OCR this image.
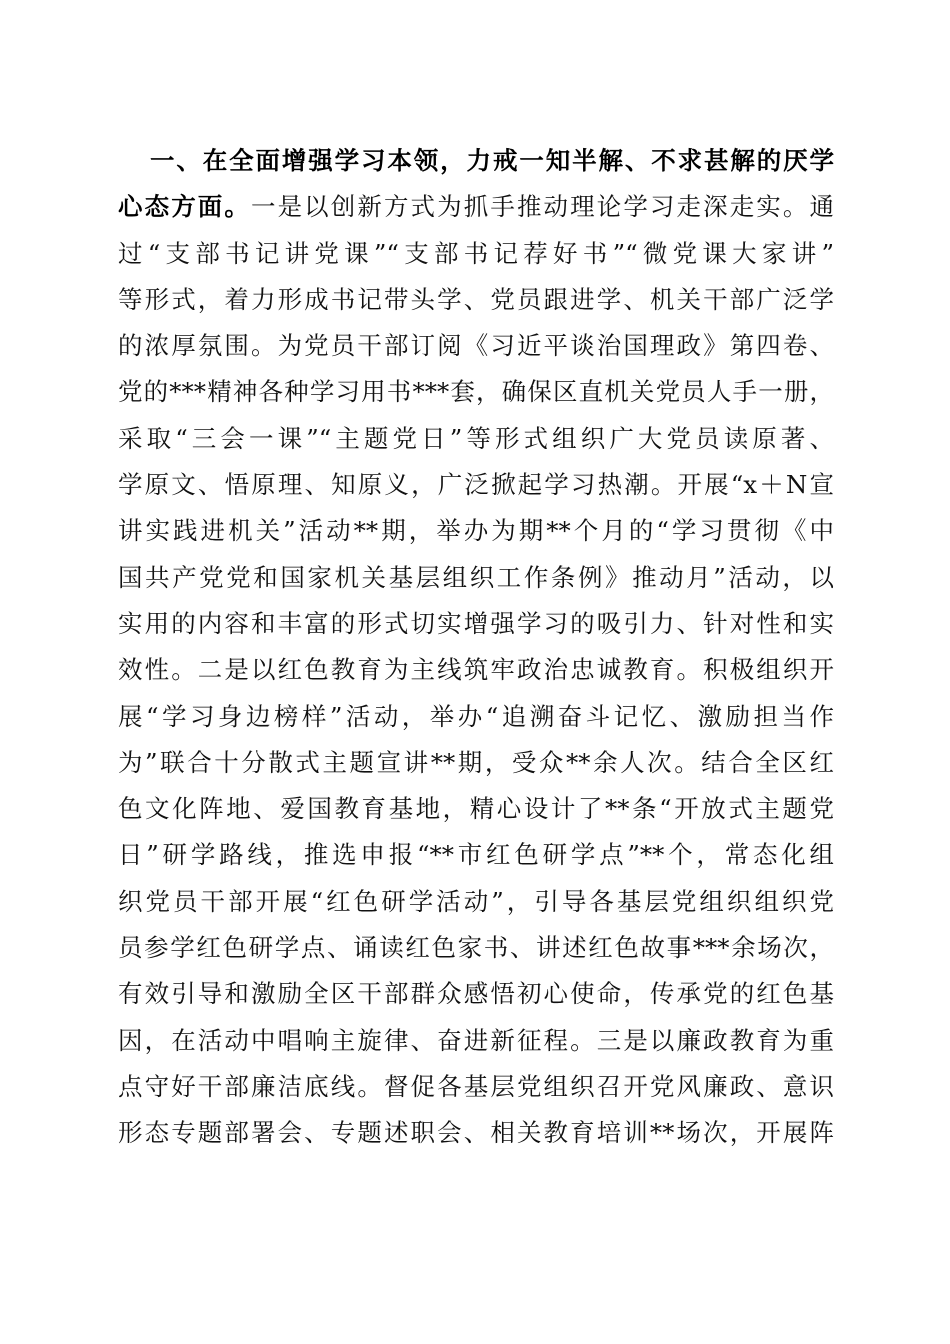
一、在全面增强学习本领，力戒一知半解、不求甚解的厌学
心态方面。一是以创新方式为抓手推动理论学习走深走实。通
过“支部书记讲党课”“支部书记荐好书”“微党课大家讲”
等形式，着力形成书记带头学、党员跟进学、机关干部广泛学
的浓厚氛围。为党员干部订阅《习近平谈治国理政》第四卷、
党的***精神各种学习用书***套，确保区直机关党员人手一册，
采取“三会一课”“主题党日”等形式组织广大党员读原著、
学原文、悟原理、知原义，广泛掀起学习热潮。开展“x＋N宣
讲实践进机关”活动**期，举办为期**个月的“学习贯彻《中
国共产党党和国家机关基层组织工作条例》推动月”活动，以
实用的内容和丰富的形式切实增强学习的吸引力、针对性和实
效性。二是以红色教育为主线筑牢政治忠诚教育。积极组织开
展“学习身边榜样”活动，举办“追溯奋斗记忆、激励担当作
为”联合十分散式主题宣讲**期，受众**余人次。结合全区红
色文化阵地、爱国教育基地，精心设计了**条“开放式主题党
日”研学路线，推选申报“**市红色研学点”**个，常态化组
织党员干部开展“红色研学活动”，引导各基层党组织组织党
员参学红色研学点、诵读红色家书、讲述红色故事***余场次，
有效引导和激励全区干部群众感悟初心使命，传承党的红色基
因，在活动中唱响主旋律、奋进新征程。三是以廉政教育为重
点守好干部廉洁底线。督促各基层党组织召开党风廉政、意识
形态专题部署会、专题述职会、相关教育培训**场次，开展阵
